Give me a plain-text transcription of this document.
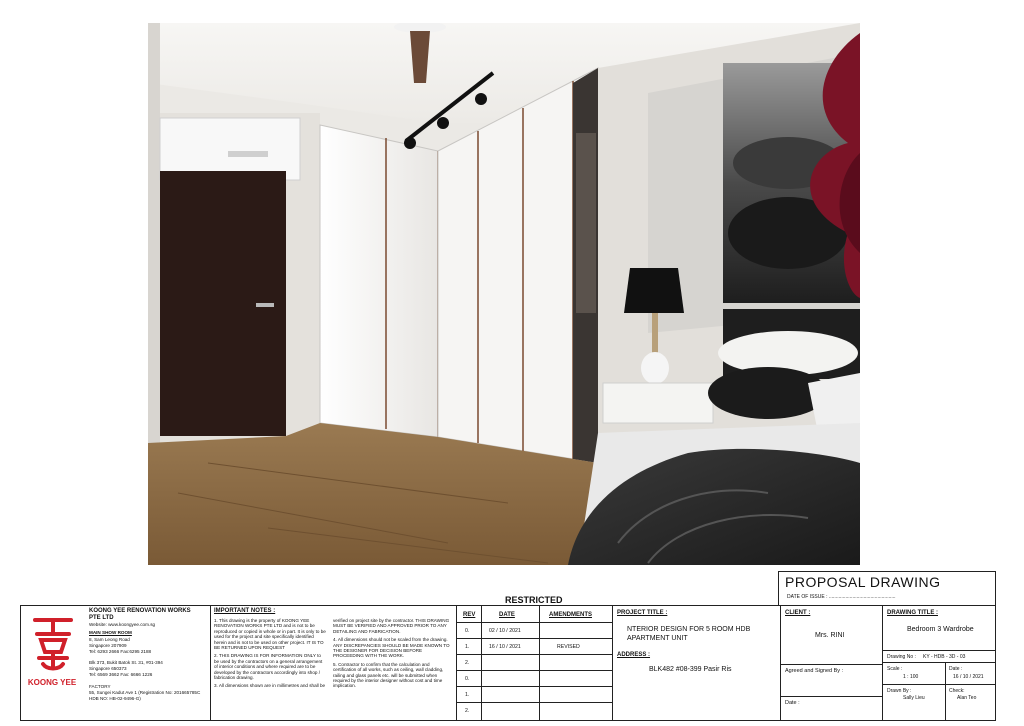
RESTRICTED
PROPOSAL DRAWING
DATE OF ISSUE : ................................................
KOONG YEE
KOONG YEE RENOVATION WORKS
PTE LTD
Website: www.koongyee.com.sg
MAIN SHOW ROOM
8, Sam Leong Road
Singapore 207909
Tel: 6293 2666 Fax:6295 2188
Blk 373, Bukit Batok St. 31, #01-394
Singapore 650373
Tel: 6569 3662 Fax: 6666 1226
FACTORY
55, Sungei Kadut Ave 1 (Registration No: 201665785C
HDB NO: HB-02-9496-G)
IMPORTANT NOTES :
1. This drawing is the property of KOONG YEE RENOVATION WORKS PTE LTD and is not to be reproduced or copied in whole or in part. It is only to be used for the project and site specifically identified herein and is not to be used on other project. IT IS TO BE RETURNED UPON REQUEST
2. THIS DRAWING IS FOR INFORMATION ONLY to be used by the contractors on a general arrangement of interior conditions and where required are to be developed by the contractors accordingly into shop / fabrication drawing.
3. All dimensions shown are in millimetres and shall be
verified on project site by the contractor. THIS DRAWING MUST BE VERIFIED AND APPROVED PRIOR TO ANY DETAILING AND FABRICATION.
4. All dimensions should not be scaled from the drawing. ANY DISCREPANCIES SHOULD BE MADE KNOWN TO THE DESIGNER FOR DECISION BEFORE PROCEEDING WITH THE WORK.
5. Contractor to confirm that the calculation and certification of all works, such as ceiling, wall cladding, railing and glass panels etc. will be submitted when required by the interior designer without cost and time implication.
REV	DATE	AMENDMENTS
0.	02 / 10 / 2021
1.	16 / 10 / 2021	REVISED
2.
0.
1.
2.
PROJECT TITLE :
NTERIOR DESIGN FOR 5 ROOM HDB
APARTMENT UNIT
ADDRESS :
BLK482 #08-399 Pasir Ris
CLIENT :
Mrs. RINI
Agreed and Signed By :
Date :
DRAWING TITLE :
Bedroom 3 Wardrobe
Drawing No : KY - HDB - 3D - 03
Scale :
1 : 100
Date :
16 / 10 / 2021
Drawn By :
Sally Lieu
Check:
Alan Teo
